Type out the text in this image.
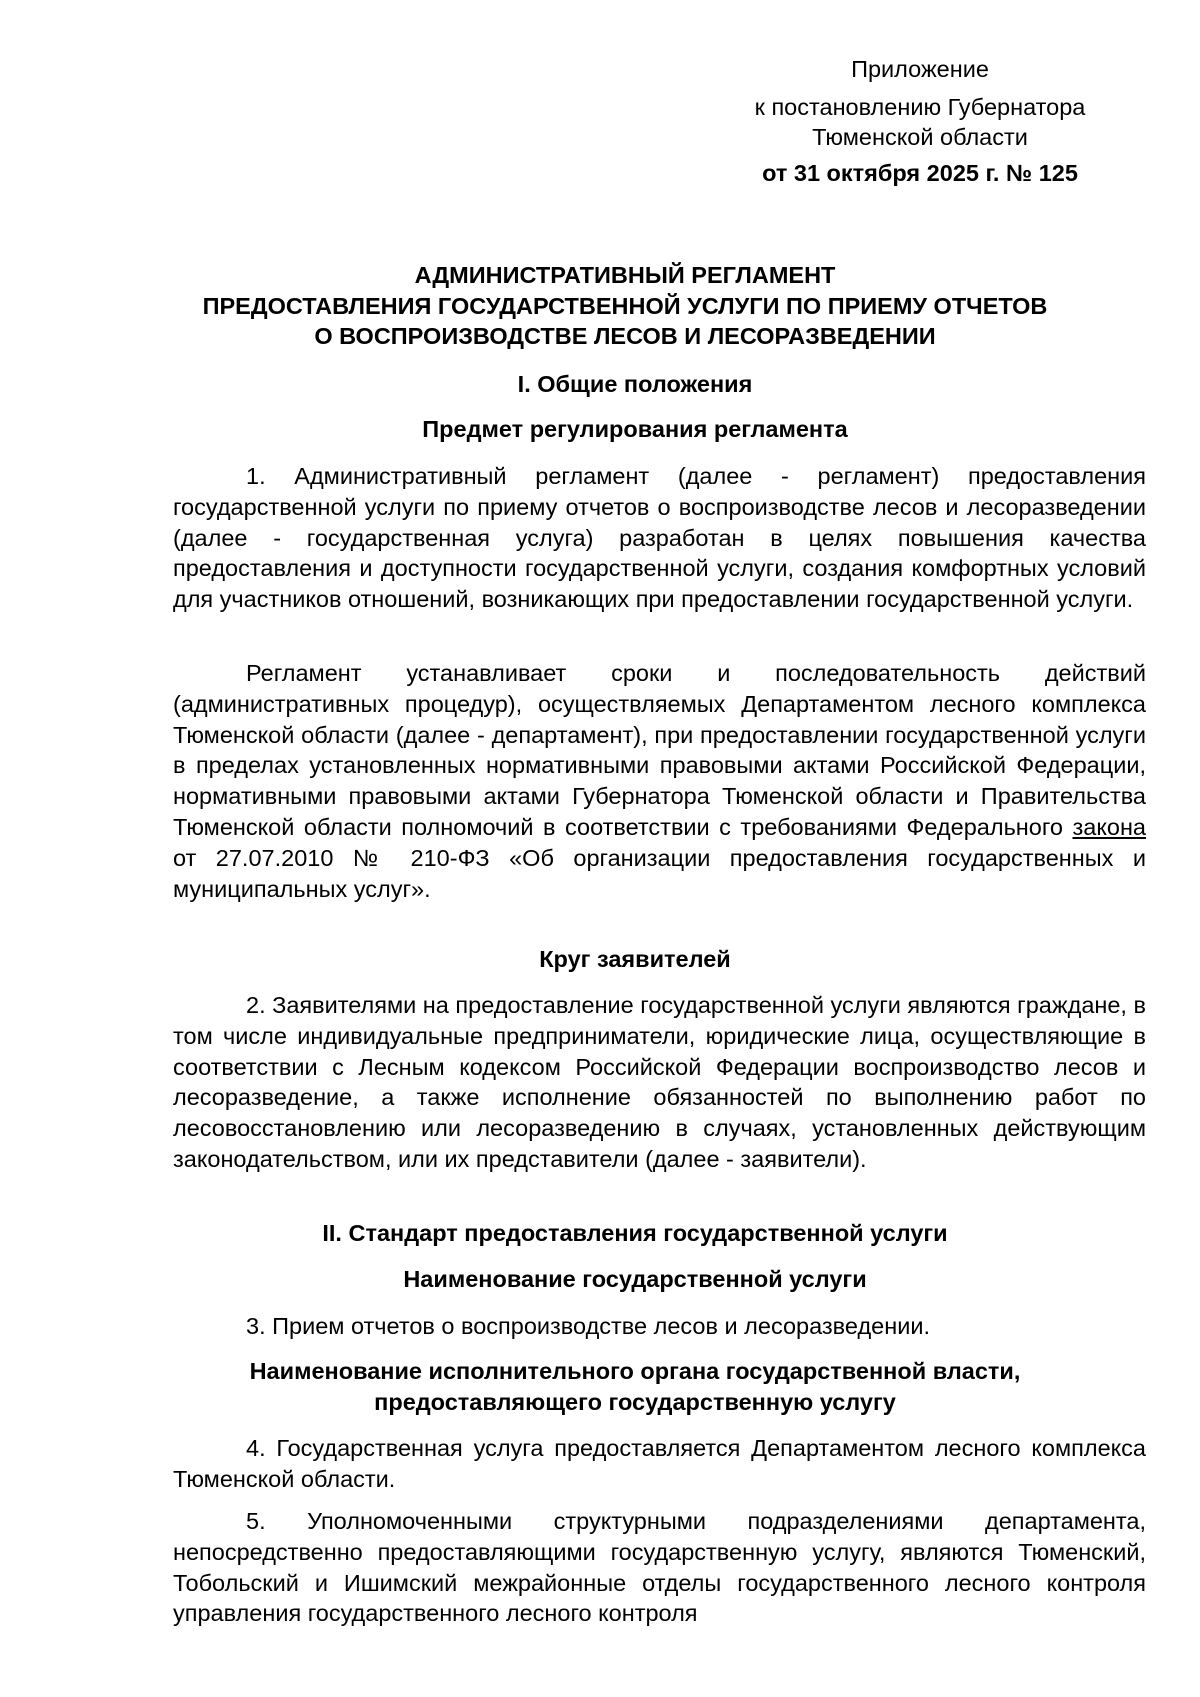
Приложение
к постановлению Губернатора
Тюменской области
от 31 октября 2025 г. № 125
АДМИНИСТРАТИВНЫЙ РЕГЛАМЕНТ
ПРЕДОСТАВЛЕНИЯ ГОСУДАРСТВЕННОЙ УСЛУГИ ПО ПРИЕМУ ОТЧЕТОВ
О ВОСПРОИЗВОДСТВЕ ЛЕСОВ И ЛЕСОРАЗВЕДЕНИИ
I. Общие положения
Предмет регулирования регламента

1. Административный регламент (далее - регламент) предоставления государственной услуги по приему отчетов о воспроизводстве лесов и лесоразведении (далее - государственная услуга) разработан в целях повышения качества предоставления и доступности государственной услуги, создания комфортных условий для участников отношений, возникающих при предоставлении государственной услуги.

Регламент устанавливает сроки и последовательность действий (административных процедур), осуществляемых Департаментом лесного комплекса Тюменской области (далее - департамент), при предоставлении государственной услуги в пределах установленных нормативными правовыми актами Российской Федерации, нормативными правовыми актами Губернатора Тюменской области и Правительства Тюменской области полномочий в соответствии с требованиями Федерального закона от 27.07.2010 № 210-ФЗ «Об организации предоставления государственных и муниципальных услуг».

Круг заявителей

2. Заявителями на предоставление государственной услуги являются граждане, в том числе индивидуальные предприниматели, юридические лица, осуществляющие в соответствии с Лесным кодексом Российской Федерации воспроизводство лесов и лесоразведение, а также исполнение обязанностей по выполнению работ по лесовосстановлению или лесоразведению в случаях, установленных действующим законодательством, или их представители (далее - заявители).

II. Стандарт предоставления государственной услуги
Наименование государственной услуги

3. Прием отчетов о воспроизводстве лесов и лесоразведении.

Наименование исполнительного органа государственной власти,
предоставляющего государственную услугу

4. Государственная услуга предоставляется Департаментом лесного комплекса Тюменской области.

5. Уполномоченными структурными подразделениями департамента, непосредственно предоставляющими государственную услугу, являются Тюменский, Тобольский и Ишимский межрайонные отделы государственного лесного контроля управления государственного лесного контроля
